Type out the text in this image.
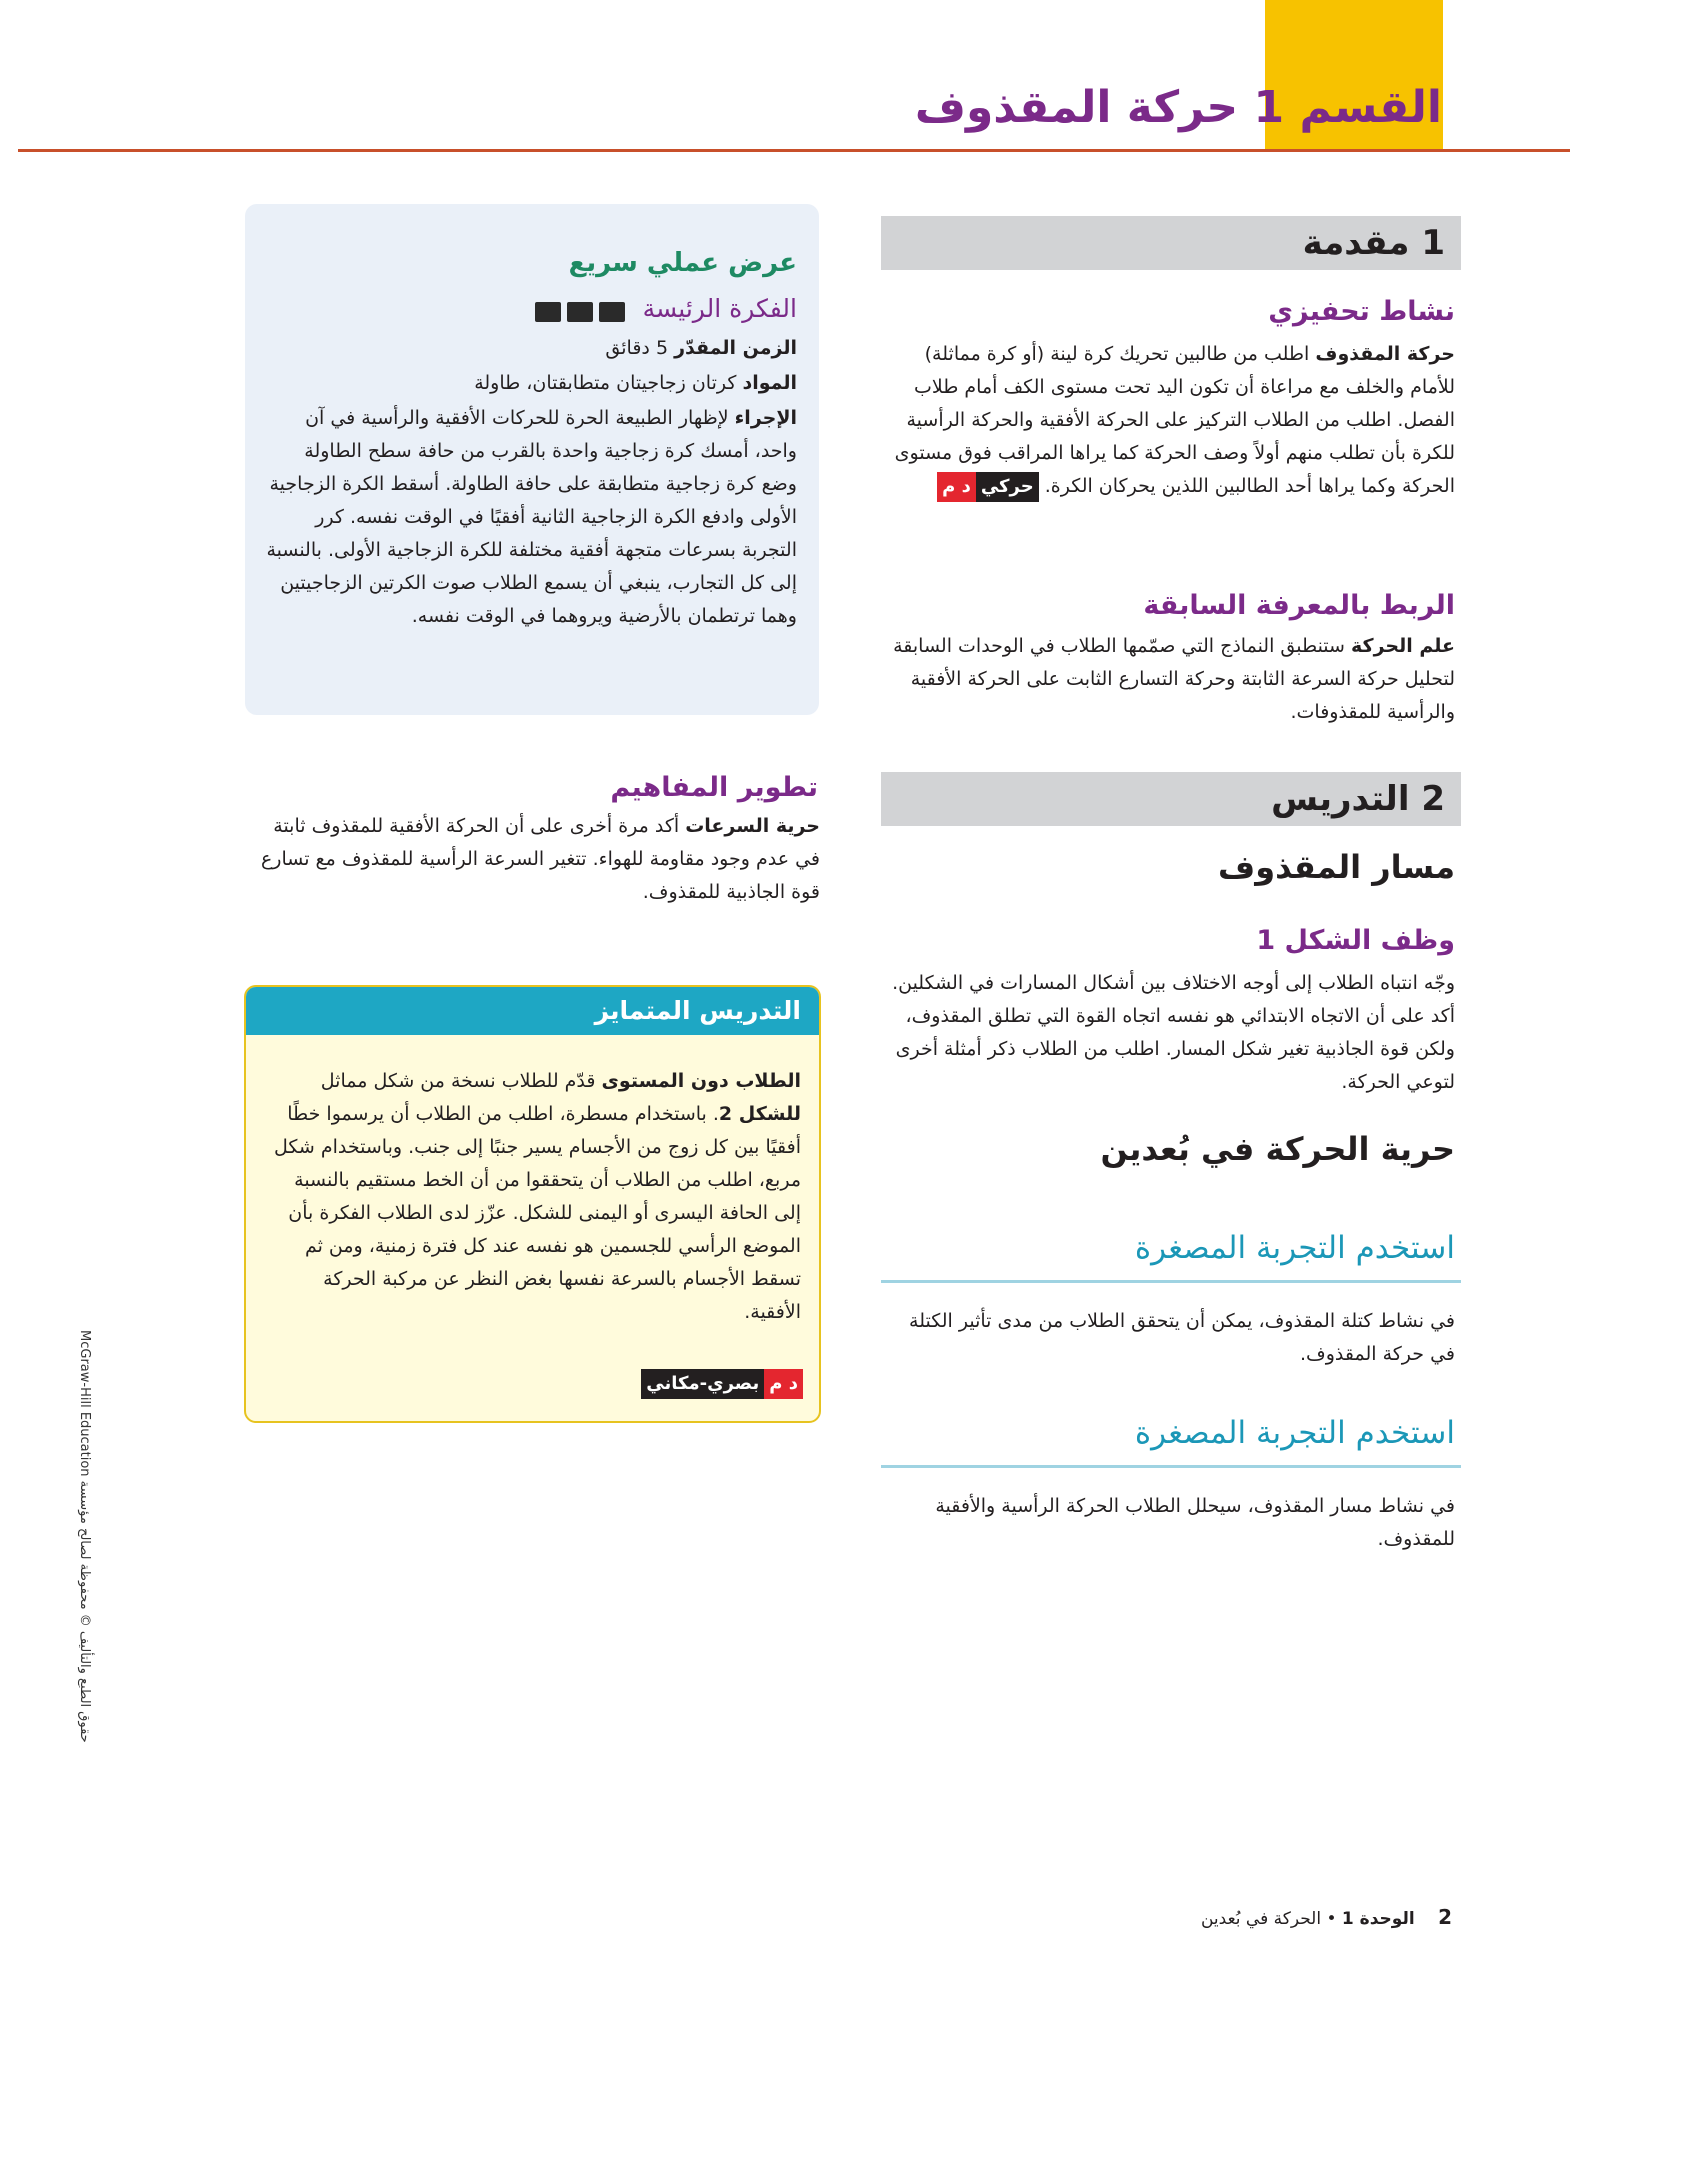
القسم 1 حركة المقذوف
1 مقدمة
نشاط تحفيزي
حركة المقذوف اطلب من طالبين تحريك كرة لينة (أو كرة مماثلة) للأمام والخلف مع مراعاة أن تكون اليد تحت مستوى الكف أمام طلاب الفصل. اطلب من الطلاب التركيز على الحركة الأفقية والحركة الرأسية للكرة بأن تطلب منهم أولاً وصف الحركة كما يراها المراقب فوق مستوى الحركة وكما يراها أحد الطالبين اللذين يحركان الكرة. حركيد م
الربط بالمعرفة السابقة
علم الحركة ستنطبق النماذج التي صمّمها الطلاب في الوحدات السابقة لتحليل حركة السرعة الثابتة وحركة التسارع الثابت على الحركة الأفقية والرأسية للمقذوفات.
2 التدريس
مسار المقذوف
وظف الشكل 1
وجّه انتباه الطلاب إلى أوجه الاختلاف بين أشكال المسارات في الشكلين. أكد على أن الاتجاه الابتدائي هو نفسه اتجاه القوة التي تطلق المقذوف، ولكن قوة الجاذبية تغير شكل المسار. اطلب من الطلاب ذكر أمثلة أخرى لتوعي الحركة.
حرية الحركة في بُعدين
استخدم التجربة المصغرة
في نشاط كتلة المقذوف، يمكن أن يتحقق الطلاب من مدى تأثير الكتلة في حركة المقذوف.
استخدم التجربة المصغرة
في نشاط مسار المقذوف، سيحلل الطلاب الحركة الرأسية والأفقية للمقذوف.
عرض عملي سريع
الفكرة الرئيسة
الزمن المقدّر 5 دقائق
المواد كرتان زجاجيتان متطابقتان، طاولة
الإجراء لإظهار الطبيعة الحرة للحركات الأفقية والرأسية في آن واحد، أمسك كرة زجاجية واحدة بالقرب من حافة سطح الطاولة وضع كرة زجاجية متطابقة على حافة الطاولة. أسقط الكرة الزجاجية الأولى وادفع الكرة الزجاجية الثانية أفقيًا في الوقت نفسه. كرر التجربة بسرعات متجهة أفقية مختلفة للكرة الزجاجية الأولى. بالنسبة إلى كل التجارب، ينبغي أن يسمع الطلاب صوت الكرتين الزجاجيتين وهما ترتطمان بالأرضية ويروهما في الوقت نفسه.
تطوير المفاهيم
حرية السرعات أكد مرة أخرى على أن الحركة الأفقية للمقذوف ثابتة في عدم وجود مقاومة للهواء. تتغير السرعة الرأسية للمقذوف مع تسارع قوة الجاذبية للمقذوف.
التدريس المتمايز
الطلاب دون المستوى قدّم للطلاب نسخة من شكل مماثل للشكل 2. باستخدام مسطرة، اطلب من الطلاب أن يرسموا خطًا أفقيًا بين كل زوج من الأجسام يسير جنبًا إلى جنب. وباستخدام شكل مربع، اطلب من الطلاب أن يتحققوا من أن الخط مستقيم بالنسبة إلى الحافة اليسرى أو اليمنى للشكل. عزّز لدى الطلاب الفكرة بأن الموضع الرأسي للجسمين هو نفسه عند كل فترة زمنية، ومن ثم تسقط الأجسام بالسرعة نفسها بغض النظر عن مركبة الحركة الأفقية.
د مبصري-مكاني
McGraw-Hill Education حقوق الطبع والتأليف © محفوظة لصالح مؤسسة
2 الوحدة 1 • الحركة في بُعدين
